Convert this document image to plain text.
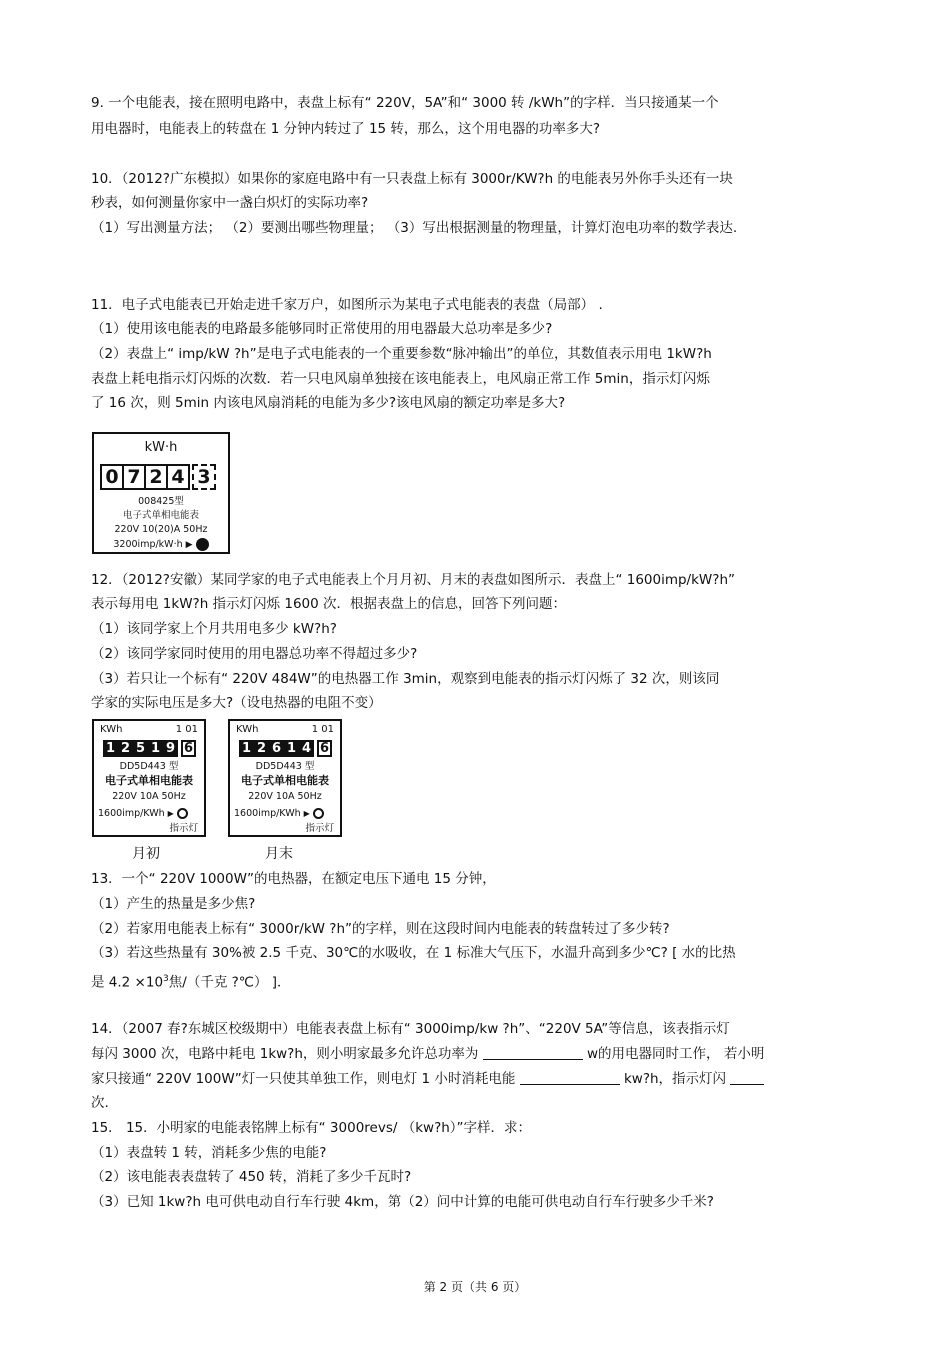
9. 一个电能表，接在照明电路中，表盘上标有“ 220V，5A”和“ 3000 转 /kWh”的字样．当只接通某一个
用电器时，电能表上的转盘在 1 分钟内转过了 15 转，那么，这个用电器的功率多大?
10．（2012?广东模拟）如果你的家庭电路中有一只表盘上标有 3000r/KW?h 的电能表另外你手头还有一块
秒表，如何测量你家中一盏白炽灯的实际功率?
（1）写出测量方法； （2）要测出哪些物理量； （3）写出根据测量的物理量，计算灯泡电功率的数学表达.
11．电子式电能表已开始走进千家万户，如图所示为某电子式电能表的表盘（局部） .
（1）使用该电能表的电路最多能够同时正常使用的用电器最大总功率是多少?
（2）表盘上“ imp/kW ?h”是电子式电能表的一个重要参数“脉冲输出”的单位，其数值表示用电 1kW?h
表盘上耗电指示灯闪烁的次数．若一只电风扇单独接在该电能表上，电风扇正常工作 5min，指示灯闪烁
了 16 次，则 5min 内该电风扇消耗的电能为多少?该电风扇的额定功率是多大?
kW·h
0 7 2 4 3
008425型
电子式单相电能表
220V 10(20)A 50Hz
3200imp/kW·h ▶
12．（2012?安徽）某同学家的电子式电能表上个月月初、月末的表盘如图所示．表盘上“ 1600imp/kW?h”
表示每用电 1kW?h 指示灯闪烁 1600 次．根据表盘上的信息，回答下列问题：
（1）该同学家上个月共用电多少 kW?h?
（2）该同学家同时使用的用电器总功率不得超过多少?
（3）若只让一个标有“ 220V 484W”的电热器工作 3min，观察到电能表的指示灯闪烁了 32 次，则该同
学家的实际电压是多大?（设电热器的电阻不变）
KWh	1 01
1 2 5 1 9 6
DD5D443 型
电子式单相电能表
220V 10A 50Hz
1600imp/KWh ▶
指示灯
月初
KWh	1 01
1 2 6 1 4 6
DD5D443 型
电子式单相电能表
220V 10A 50Hz
1600imp/KWh ▶
指示灯
月末
13．一个“ 220V 1000W”的电热器，在额定电压下通电 15 分钟，
（1）产生的热量是多少焦?
（2）若家用电能表上标有“ 3000r/kW ?h”的字样，则在这段时间内电能表的转盘转过了多少转?
（3）若这些热量有 30%被 2.5 千克、30℃的水吸收，在 1 标准大气压下，水温升高到多少℃? [ 水的比热
是 $4.2 \times 10^3$焦/（千克 ?℃） ]．
14．（2007 春?东城区校级期中）电能表表盘上标有“ 3000imp/kw ?h”、“220V 5A”等信息，该表指示灯
每闪 3000 次，电路中耗电 1kw?h，则小明家最多允许总功率为	w的用电器同时工作， 若小明
家只接通“ 220V 100W”灯一只使其单独工作，则电灯 1 小时消耗电能	kw?h，指示灯闪
次.
15． 15．小明家的电能表铭牌上标有“ 3000revs/ （kw?h）”字样．求：
（1）表盘转 1 转，消耗多少焦的电能?
（2）该电能表表盘转了 450 转，消耗了多少千瓦时?
（3）已知 1kw?h 电可供电动自行车行驶 4km，第（2）问中计算的电能可供电动自行车行驶多少千米?
第 2 页（共 6 页）
